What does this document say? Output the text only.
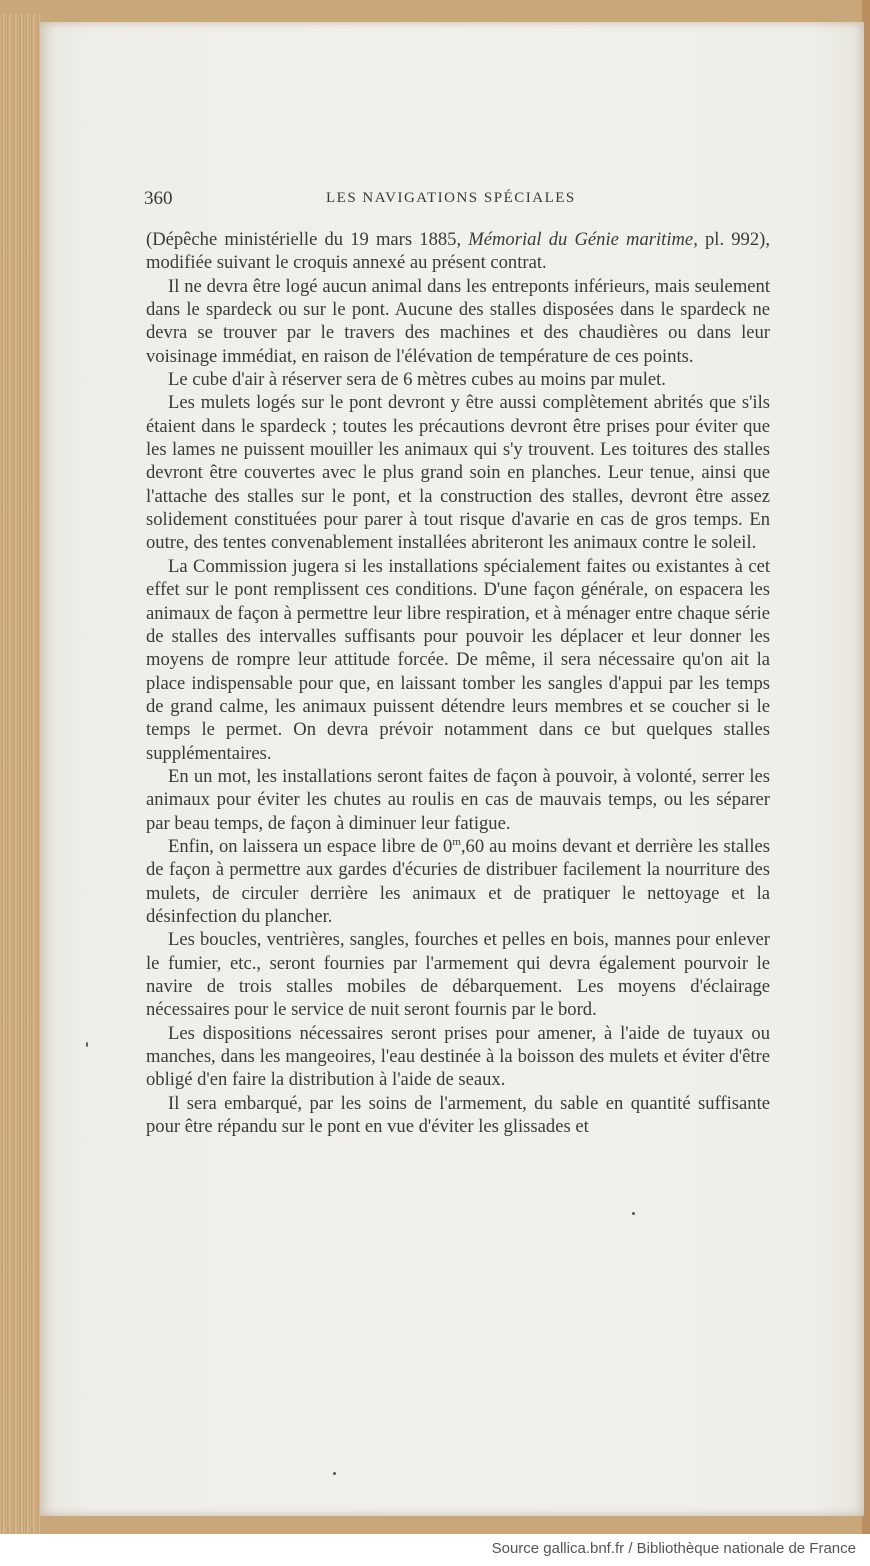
360	LES NAVIGATIONS SPÉCIALES

(Dépêche ministérielle du 19 mars 1885, Mémorial du Génie maritime, pl. 992), modifiée suivant le croquis annexé au présent contrat.

Il ne devra être logé aucun animal dans les entreponts inférieurs, mais seulement dans le spardeck ou sur le pont. Aucune des stalles disposées dans le spardeck ne devra se trouver par le travers des machines et des chaudières ou dans leur voisinage immédiat, en raison de l'élévation de température de ces points.

Le cube d'air à réserver sera de 6 mètres cubes au moins par mulet.

Les mulets logés sur le pont devront y être aussi complètement abrités que s'ils étaient dans le spardeck ; toutes les précautions devront être prises pour éviter que les lames ne puissent mouiller les animaux qui s'y trouvent. Les toitures des stalles devront être couvertes avec le plus grand soin en planches. Leur tenue, ainsi que l'attache des stalles sur le pont, et la construction des stalles, devront être assez solidement constituées pour parer à tout risque d'avarie en cas de gros temps. En outre, des tentes convenablement installées abriteront les animaux contre le soleil.

La Commission jugera si les installations spécialement faites ou existantes à cet effet sur le pont remplissent ces conditions. D'une façon générale, on espacera les animaux de façon à permettre leur libre respiration, et à ménager entre chaque série de stalles des intervalles suffisants pour pouvoir les déplacer et leur donner les moyens de rompre leur attitude forcée. De même, il sera nécessaire qu'on ait la place indispensable pour que, en laissant tomber les sangles d'appui par les temps de grand calme, les animaux puissent détendre leurs membres et se coucher si le temps le permet. On devra prévoir notamment dans ce but quelques stalles supplémentaires.

En un mot, les installations seront faites de façon à pouvoir, à volonté, serrer les animaux pour éviter les chutes au roulis en cas de mauvais temps, ou les séparer par beau temps, de façon à diminuer leur fatigue.

Enfin, on laissera un espace libre de 0$^m$,60 au moins devant et derrière les stalles de façon à permettre aux gardes d'écuries de distribuer facilement la nourriture des mulets, de circuler derrière les animaux et de pratiquer le nettoyage et la désinfection du plancher.

Les boucles, ventrières, sangles, fourches et pelles en bois, mannes pour enlever le fumier, etc., seront fournies par l'armement qui devra également pourvoir le navire de trois stalles mobiles de débarquement. Les moyens d'éclairage nécessaires pour le service de nuit seront fournis par le bord.

Les dispositions nécessaires seront prises pour amener, à l'aide de tuyaux ou manches, dans les mangeoires, l'eau destinée à la boisson des mulets et éviter d'être obligé d'en faire la distribution à l'aide de seaux.

Il sera embarqué, par les soins de l'armement, du sable en quantité suffisante pour être répandu sur le pont en vue d'éviter les glissades et

Source gallica.bnf.fr / Bibliothèque nationale de France
